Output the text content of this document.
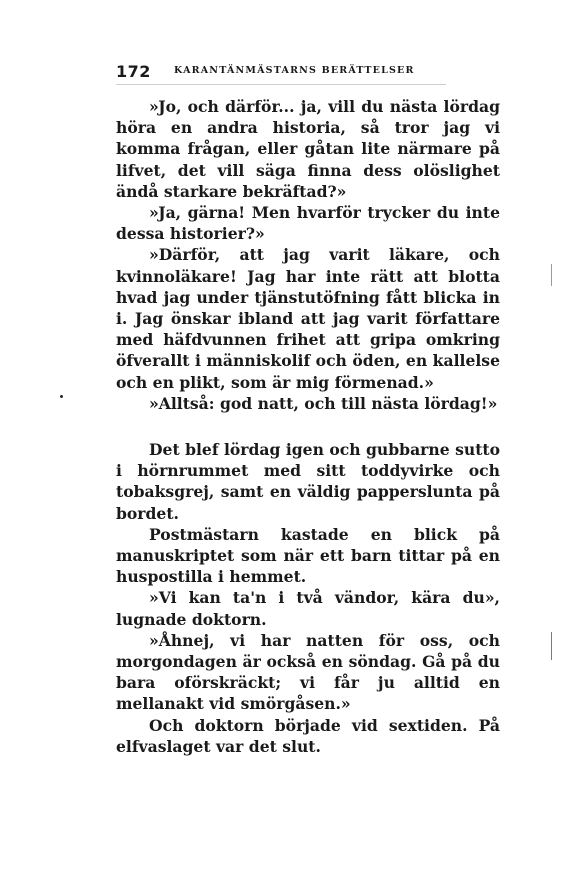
172 KARANTÄNMÄSTARNS BERÄTTELSER

»Jo, och därför... ja, vill du nästa lördag höra en andra historia, så tror jag vi komma frågan, eller gåtan lite närmare på lifvet, det vill säga finna dess olöslighet ändå starkare bekräftad?»

»Ja, gärna! Men hvarför trycker du inte dessa historier?»

»Därför, att jag varit läkare, och kvinnoläkare! Jag har inte rätt att blotta hvad jag under tjänstutöfning fått blicka in i. Jag önskar ibland att jag varit författare med häfdvunnen frihet att gripa omkring öfverallt i människolif och öden, en kallelse och en plikt, som är mig förmenad.»

»Alltså: god natt, och till nästa lördag!»

Det blef lördag igen och gubbarne sutto i hörnrummet med sitt toddyvirke och tobaksgrej, samt en väldig papperslunta på bordet.

Postmästarn kastade en blick på manuskriptet som när ett barn tittar på en huspostilla i hemmet.

»Vi kan ta'n i två vändor, kära du», lugnade doktorn.

»Åhnej, vi har natten för oss, och morgondagen är också en söndag. Gå på du bara oförskräckt; vi får ju alltid en mellanakt vid smörgåsen.»

Och doktorn började vid sextiden. På elfvaslaget var det slut.
